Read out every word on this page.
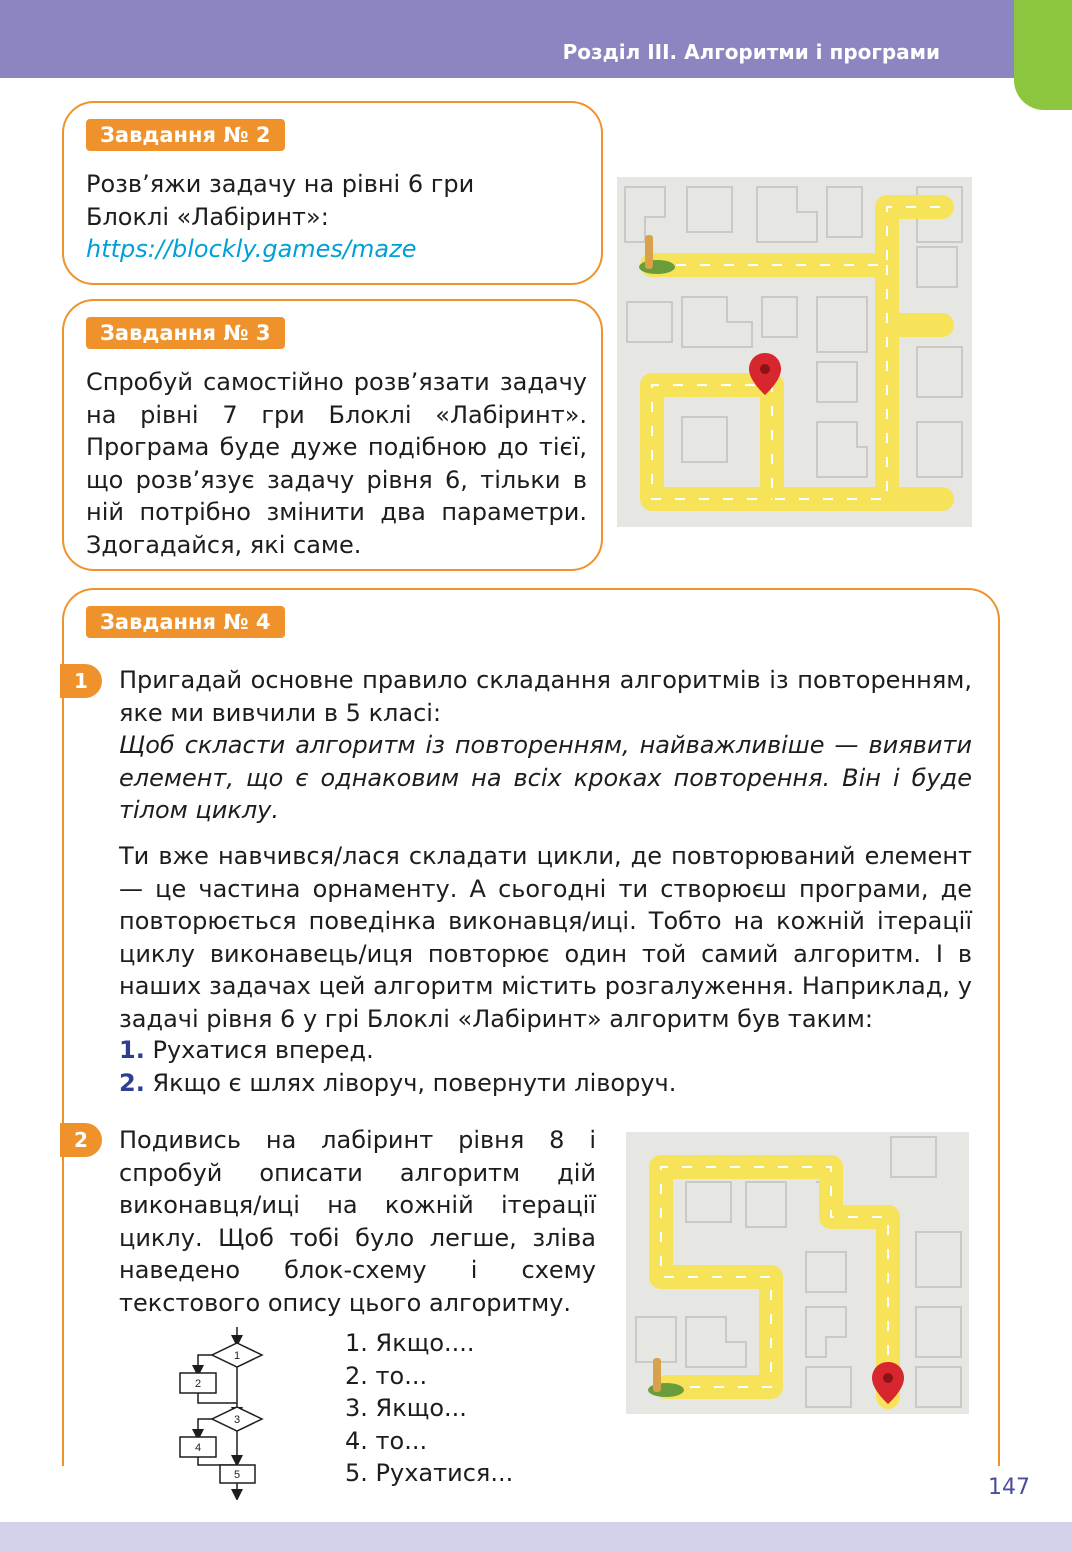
Розділ III. Алгоритми і програми
Завдання № 2
Розв’яжи задачу на рівні 6 гри
Блоклі «Лабіринт»:
https://blockly.games/maze
Завдання № 3
Спробуй самостійно розв’язати задачу на рівні 7 гри Блоклі «Лабіринт». Програма буде дуже подібною до тієї, що розв’язує задачу рівня 6, тільки в ній потрібно змінити два параметри. Здогадайся, які саме.
Завдання № 4
1	Пригадай основне правило складання алгоритмів із повторенням, яке ми вивчили в 5 класі:
Щоб скласти алгоритм із повторенням, найважливіше — виявити елемент, що є однаковим на всіх кроках повторення. Він і буде тілом циклу.
Ти вже навчився/лася складати цикли, де повторюваний елемент — це частина орнаменту. А сьогодні ти створюєш програми, де повторюється поведінка виконавця/иці. Тобто на кожній ітерації циклу виконавець/иця повторює один той самий алгоритм. І в наших задачах цей алгоритм містить розгалуження. Наприклад, у задачі рівня 6 у грі Блоклі «Лабіринт» алгоритм був таким:
1. Рухатися вперед.
2. Якщо є шлях ліворуч, повернути ліворуч.
2	Подивись на лабіринт рівня 8 і спробуй описати алгоритм дій виконавця/иці на кожній ітерації циклу. Щоб тобі було легше, зліва наведено блок-схему і схему текстового опису цього алгоритму.
1
2
3
4
5
1. Якщо....
2. то...
3. Якщо...
4. то...
5. Рухатися...
147
